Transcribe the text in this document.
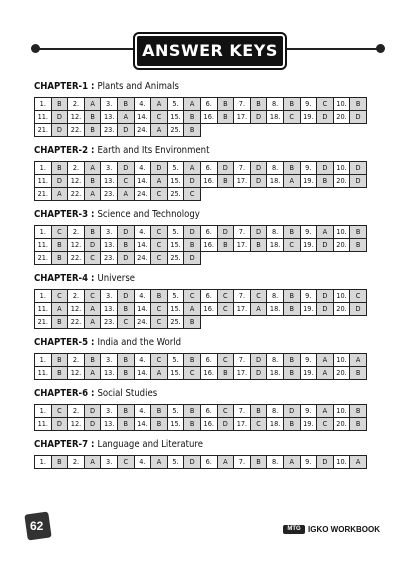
ANSWER KEYS
CHAPTER-1 : Plants and Animals
1.	B	2.	A	3.	B	4.	A	5.	A	6.	B	7.	B	8.	B	9.	C	10.	B
11.	D	12.	B	13.	A	14.	C	15.	B	16.	B	17.	D	18.	C	19.	D	20.	D
21.	D	22.	B	23.	D	24.	A	25.	B										
CHAPTER-2 : Earth and Its Environment
1.	B	2.	A	3.	D	4.	D	5.	A	6.	D	7.	D	8.	B	9.	D	10.	D
11.	D	12.	B	13.	C	14.	A	15.	D	16.	B	17.	D	18.	A	19.	B	20.	D
21.	A	22.	A	23.	A	24.	C	25.	C										
CHAPTER-3 : Science and Technology
1.	C	2.	B	3.	D	4.	C	5.	D	6.	D	7.	D	8.	B	9.	A	10.	B
11.	B	12.	D	13.	B	14.	C	15.	B	16.	B	17.	B	18.	C	19.	D	20.	B
21.	B	22.	C	23.	D	24.	C	25.	D										
CHAPTER-4 : Universe
1.	C	2.	C	3.	D	4.	B	5.	C	6.	C	7.	C	8.	B	9.	D	10.	C
11.	A	12.	A	13.	B	14.	C	15.	A	16.	C	17.	A	18.	B	19.	D	20.	D
21.	B	22.	A	23.	C	24.	C	25.	B										
CHAPTER-5 : India and the World
1.	B	2.	B	3.	B	4.	C	5.	B	6.	C	7.	D	8.	B	9.	A	10.	A
11.	B	12.	A	13.	B	14.	A	15.	C	16.	B	17.	D	18.	B	19.	A	20.	B
CHAPTER-6 : Social Studies
1.	C	2.	D	3.	B	4.	B	5.	B	6.	C	7.	B	8.	D	9.	A	10.	B
11.	D	12.	D	13.	B	14.	B	15.	B	16.	D	17.	C	18.	B	19.	C	20.	B
CHAPTER-7 : Language and Literature
1.	B	2.	A	3.	C	4.	A	5.	D	6.	A	7.	B	8.	A	9.	D	10.	A
62	MTG IGKO WORKBOOK
